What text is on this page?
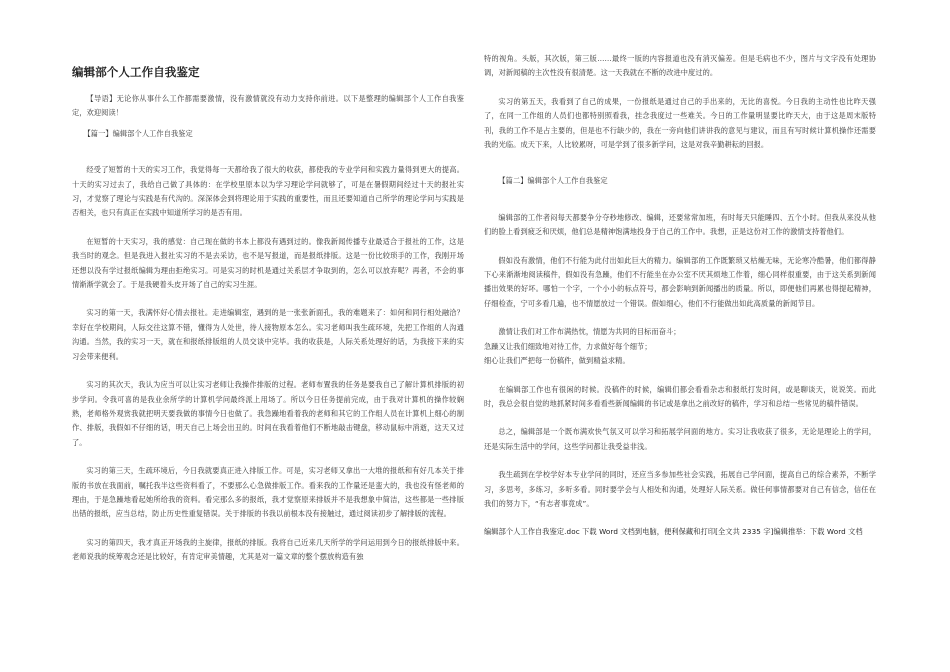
编辑部个人工作自我鉴定

【导语】无论你从事什么工作都需要激情，没有激情就没有动力支持你前进。以下是整理的编辑部个人工作自我鉴定，欢迎阅读！

【篇一】编辑部个人工作自我鉴定

经受了短暂的十天的实习工作，我觉得每一天都给我了很大的收获，都使我的专业学问和实践力量得到更大的提高。十天的实习过去了，我给自己做了具体的：在学校里原本以为学习理论学问就够了，可是在暑假期间经过十天的报社实习，才觉察了理论与实践是有代沟的。深深体会到将理论用于实践的重要性，而且还要知道自己所学的理论学问与实践是否相关，也只有真正在实践中知道所学习的是否有用。

在短暂的十天实习，我的感觉：自己现在做的书本上都没有遇到过的。像我新闻传播专业最适合于报社的工作，这是我当时的观念。但是我进入报社实习的不是去采访，也不是写报道，而是报纸排版。这是一份比较琐手的工作，我刚开场还想以没有学过报纸编辑为理由拒绝实习。可是实习的时机是通过关系层才争取到的，怎么可以放弃呢？再者，不会的事情渐渐学就会了。于是我硬着头皮开场了自己的实习生涯。

实习的第一天，我满怀好心情去报社。走进编辑室，遇到的是一张张新面孔，我的难题来了：如何和同行相处融洽？幸好在学校期间，人际交往这算不错，懂得为人处世，待人接物原本怎么。实习老师叫我生疏环境，先把工作组的人沟通沟通。当然，我的实习一天，就在和报纸排版组的人员交谈中完毕。我的收获是，人际关系处理好的话，为我接下来的实习会带来便利。

实习的其次天，我认为应当可以让实习老师让我操作排版的过程。老师布置我的任务是要我自己了解计算机排版的初步学问。令我可喜的是我业余所学的计算机学问最终派上用场了。所以今日任务提前完成，由于我对计算机的操作较娴熟，老师格外观赏我就把明天要我做的事情今日也做了。我急躁地看着我的老师和其它的工作组人员在计算机上细心的制作、排版，我假如不仔细的话，明天自己上场会出丑的。时间在我看着他们不断地敲击键盘，移动鼠标中消逝，这天又过了。

实习的第三天，生疏环境后，今日我就要真正进入排版工作。可是，实习老师又拿出一大堆的报纸和有好几本关于排版的书放在我面前，嘱托我半这些资料看了，不要那么心急做排版工作。看来我的工作量还是蛮大的，我也没有怪老师的理由，于是急躁地看起她所给我的资料。看完那么多的报纸，我才觉察原来排版并不是我想象中简洁，这些都是一些排版出错的报纸，应当总结，防止历史性重复错误。关于排版的书我以前根本没有接触过，通过阅读初步了解排版的流程。

实习的第四天，我才真正开场我的主旋律，报纸的排版。我将自己近来几天所学的学问运用到今日的报纸排版中来。老师说我的统筹观念还是比较好，有肯定审美情趣，尤其是对一篇文章的整个摆放构造有独

特的视角。头版，其次版，第三版……最终一版的内容报道也没有消灭偏差。但是毛病也不少，图片与文字没有处理协调，对新闻稿的主次性没有很清楚。这一天我就在不断的改进中度过的。

实习的第五天，我看到了自己的成果，一份报纸是通过自己的手出来的，无比的喜悦。今日我的主动性也比昨天强了，在同一工作组的人员们也都特别照看我，挂念我度过一些难关。今日的工作量明显要比昨天大，由于这是周末版特刊，我的工作不是占主要的，但是也不行缺少的，我在一旁向他们讲讲我的意见与建议，而且有写时候计算机操作还需要我的光临。成天下来，人比较累呀，可是学到了很多新学问，这是对我辛勤耕耘的回报。

【篇二】编辑部个人工作自我鉴定

编辑部的工作者闷每天都要争分夺秒地修改、编辑，还要常常加班，有时每天只能睡四、五个小时。但我从来没从他们的脸上看到疲乏和厌烦，他们总是精神饱满地投身于自己的工作中。我想，正是这份对工作的激情支持着他们。

假如没有激情，他们不行能为此付出如此巨大的精力。编辑部的工作既繁琐又枯燥无味，无论寒冷酷暑，他们都得静下心来渐渐地阅读稿件，假如没有急躁，他们不行能坐在办公室不厌其烦地工作着，细心同样很重要，由于这关系到新闻播出效果的好坏。哪怕一个字，一个小小的标点符号，都会影响到新闻播出的质量。所以，即便他们再累也得提起精神，仔细检查，宁可多看几遍，也不情愿放过一个错误。假如细心，他们不行能做出如此高质量的新闻节目。

激情让我们对工作布满热忱，情愿为共同的目标而奋斗；

急躁又让我们细致地对待工作，力求做好每个细节；

细心让我们严把每一份稿件，做到精益求精。

在编辑部工作也有很闲的时候。没稿件的时候，编辑们都会看看杂志和报纸打发时间，或是聊谈天，说说笑。而此时，我总会很自觉的地抓紧时间多看看些新闻编辑的书记或是拿出之前改好的稿件，学习和总结一些常见的稿件错误。

总之，编辑部是一个既布满欢快气氛又可以学习和拓展学问面的地方。实习让我收获了很多，无论是理论上的学问，还是实际生活中的学问，这些学问都让我受益非浅。

我生疏到在学校学好本专业学问的同时，还应当多参加些社会实践，拓展自己学问面，提高自己的综合素养，不断学习，多思考，多练习，多听多看。同时要学会与人相处和沟通，处理好人际关系。做任何事情都要对自己有信念，信任在我们的努力下，“有志者事竟成”。

编辑部个人工作自我鉴定.doc 下载 Word 文档到电脑，便利保藏和打印[全文共 2335 字]编辑推举：下载 Word 文档
